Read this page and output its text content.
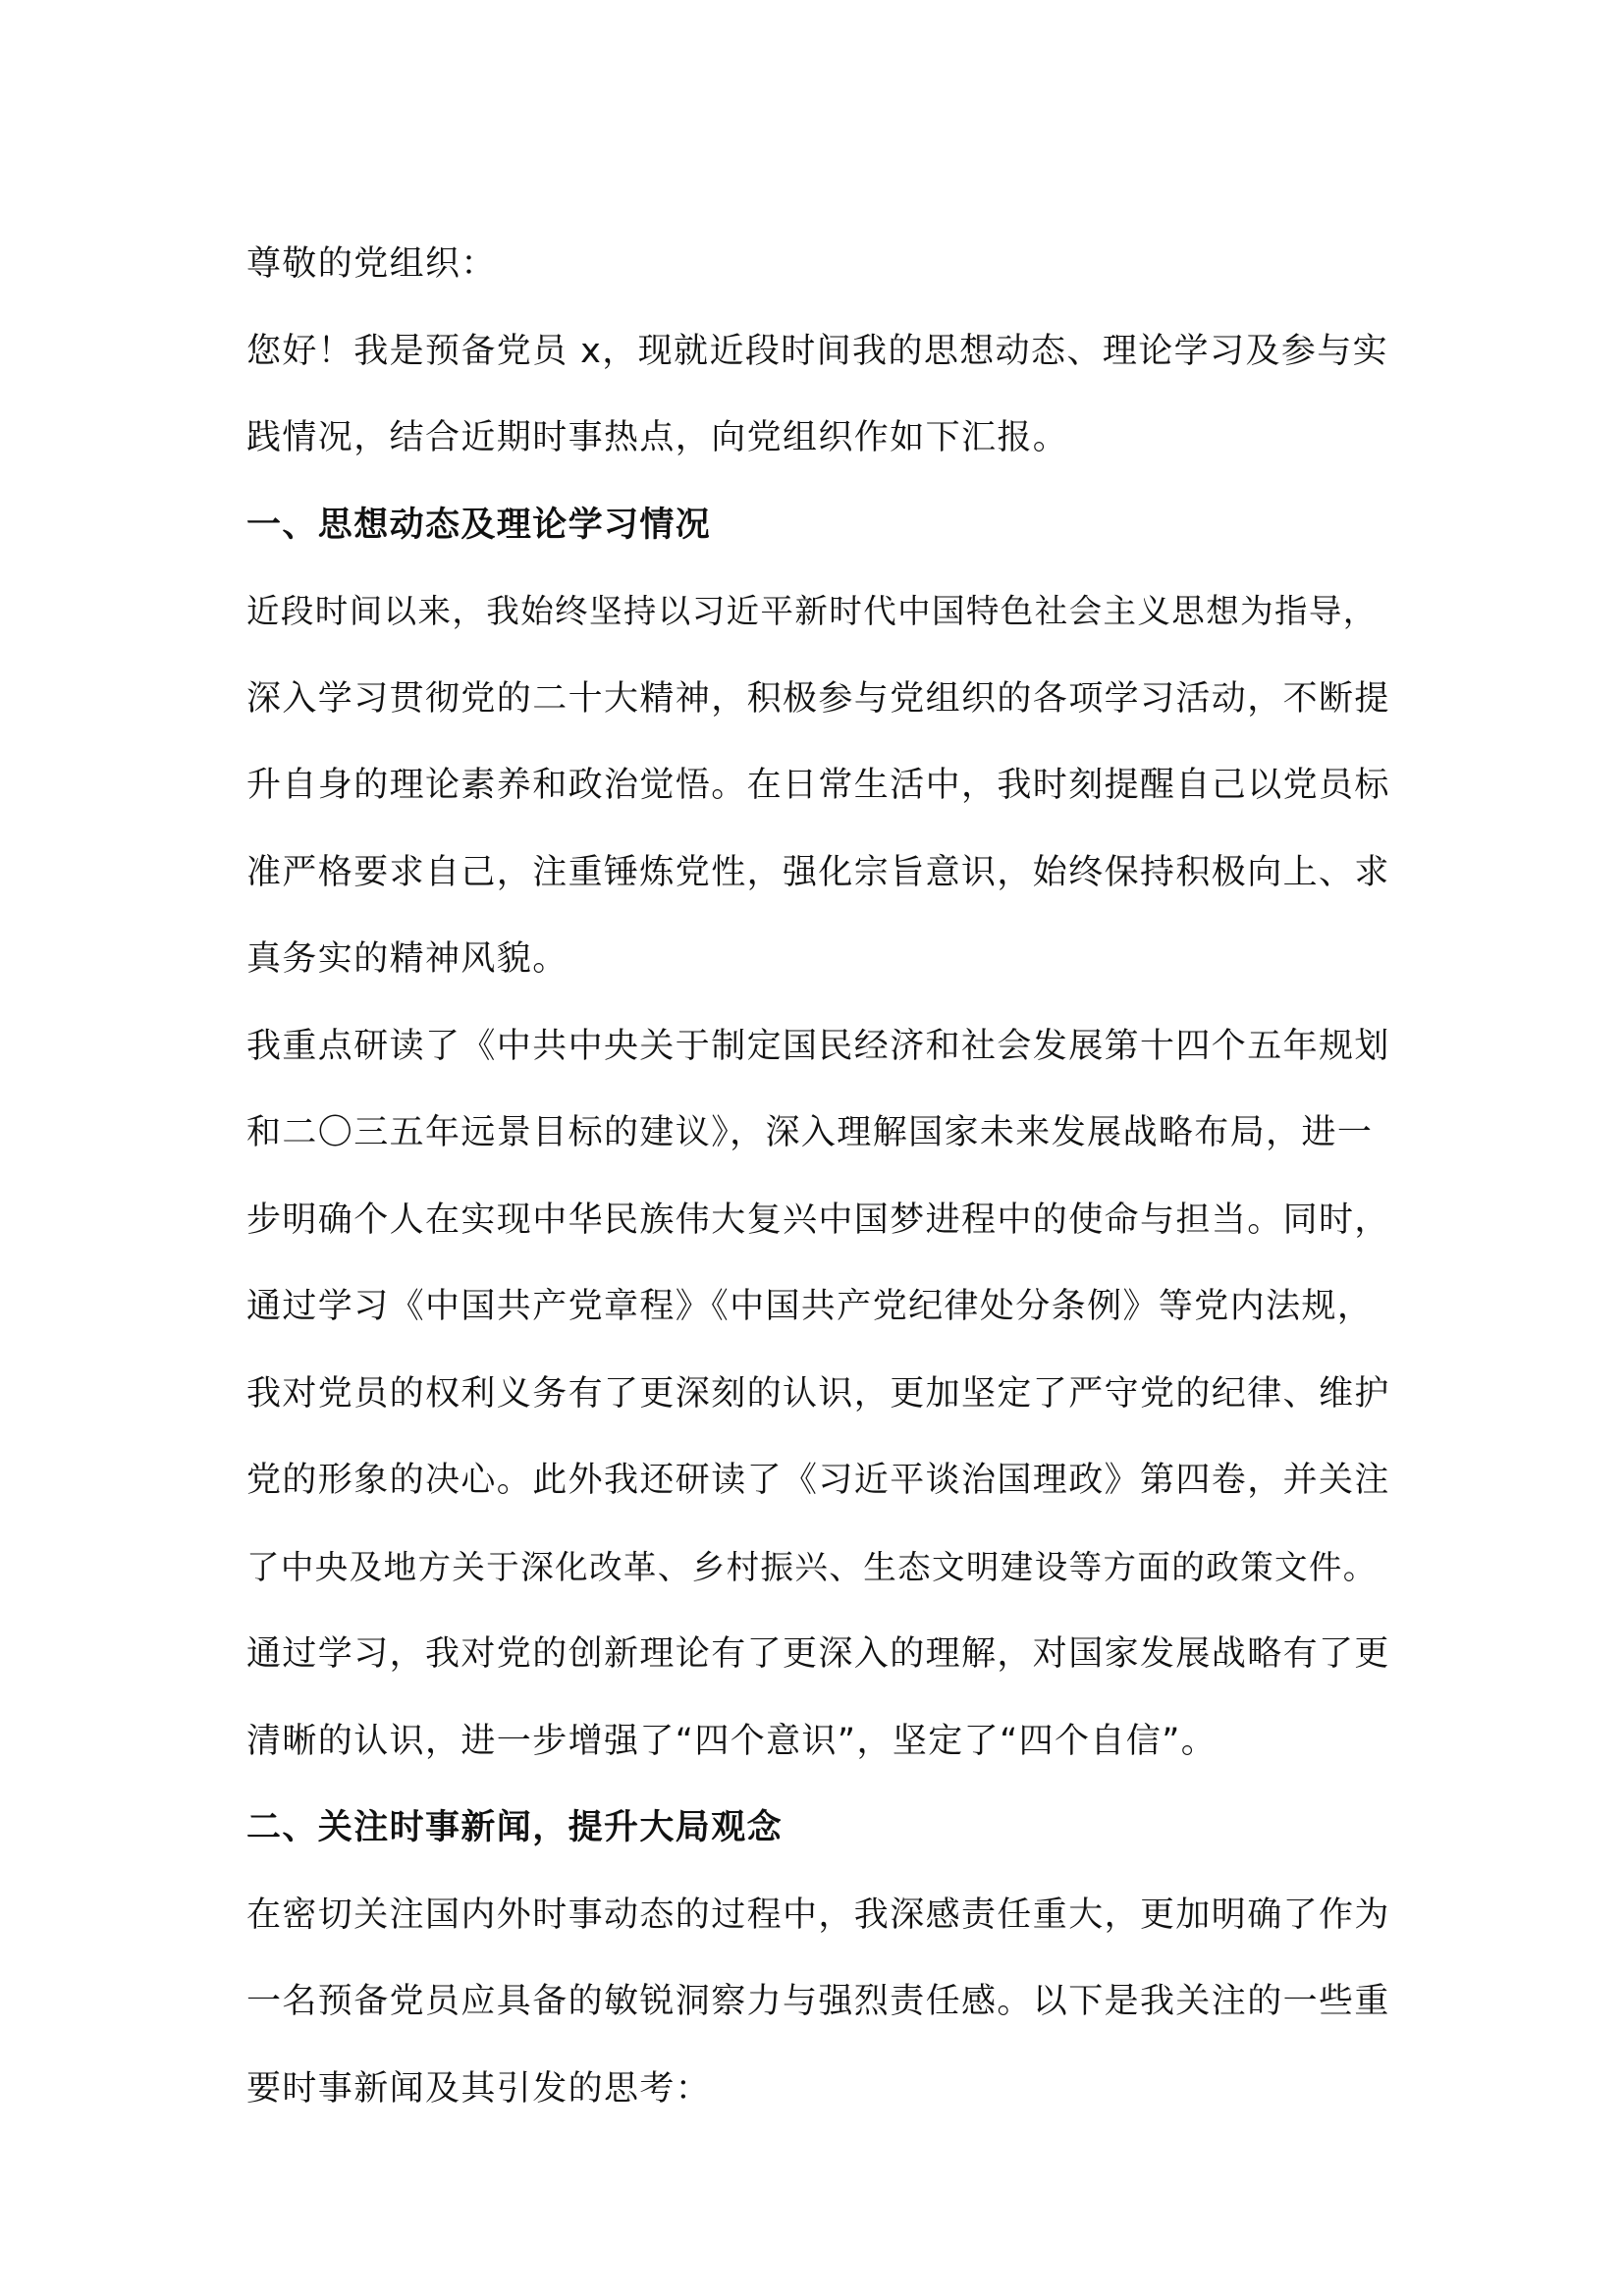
尊敬的党组织：
您好！我是预备党员 x，现就近段时间我的思想动态、理论学习及参与实
践情况，结合近期时事热点，向党组织作如下汇报。
一、思想动态及理论学习情况
近段时间以来，我始终坚持以习近平新时代中国特色社会主义思想为指导，
深入学习贯彻党的二十大精神，积极参与党组织的各项学习活动，不断提
升自身的理论素养和政治觉悟。在日常生活中，我时刻提醒自己以党员标
准严格要求自己，注重锤炼党性，强化宗旨意识，始终保持积极向上、求
真务实的精神风貌。
我重点研读了《中共中央关于制定国民经济和社会发展第十四个五年规划
和二〇三五年远景目标的建议》，深入理解国家未来发展战略布局，进一
步明确个人在实现中华民族伟大复兴中国梦进程中的使命与担当。同时，
通过学习《中国共产党章程》《中国共产党纪律处分条例》等党内法规，
我对党员的权利义务有了更深刻的认识，更加坚定了严守党的纪律、维护
党的形象的决心。此外我还研读了《习近平谈治国理政》第四卷，并关注
了中央及地方关于深化改革、乡村振兴、生态文明建设等方面的政策文件。
通过学习，我对党的创新理论有了更深入的理解，对国家发展战略有了更
清晰的认识，进一步增强了“四个意识”，坚定了“四个自信”。
二、关注时事新闻，提升大局观念
在密切关注国内外时事动态的过程中，我深感责任重大，更加明确了作为
一名预备党员应具备的敏锐洞察力与强烈责任感。以下是我关注的一些重
要时事新闻及其引发的思考：
